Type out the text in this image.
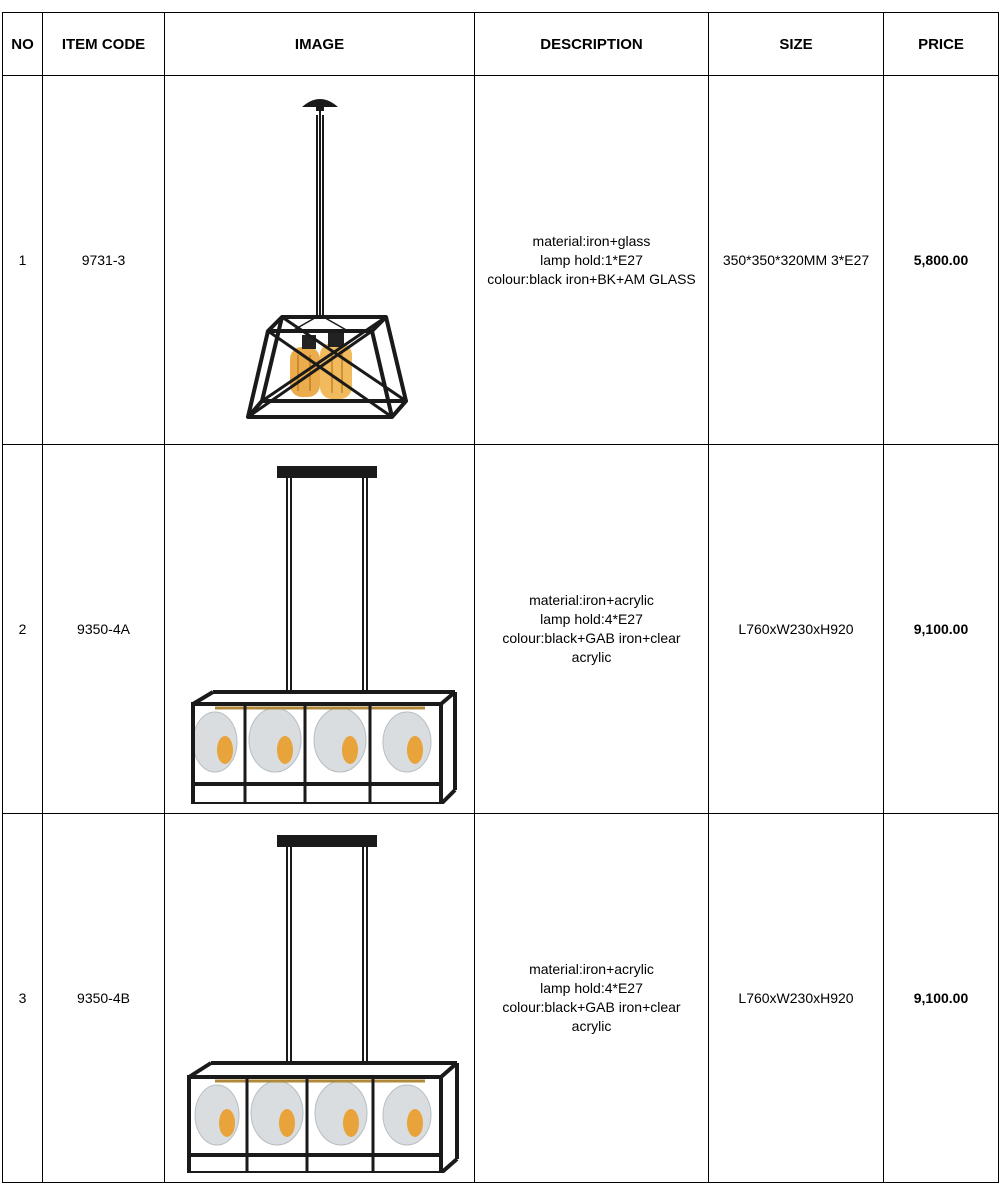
NO	ITEM CODE	IMAGE	DESCRIPTION	SIZE	PRICE
1	9731-3		material:iron+glass
lamp hold:1*E27
colour:black iron+BK+AM GLASS	350*350*320MM 3*E27	5,800.00
2	9350-4A		material:iron+acrylic
lamp hold:4*E27
colour:black+GAB iron+clear
acrylic	L760xW230xH920	9,100.00
3	9350-4B		material:iron+acrylic
lamp hold:4*E27
colour:black+GAB iron+clear
acrylic	L760xW230xH920	9,100.00
